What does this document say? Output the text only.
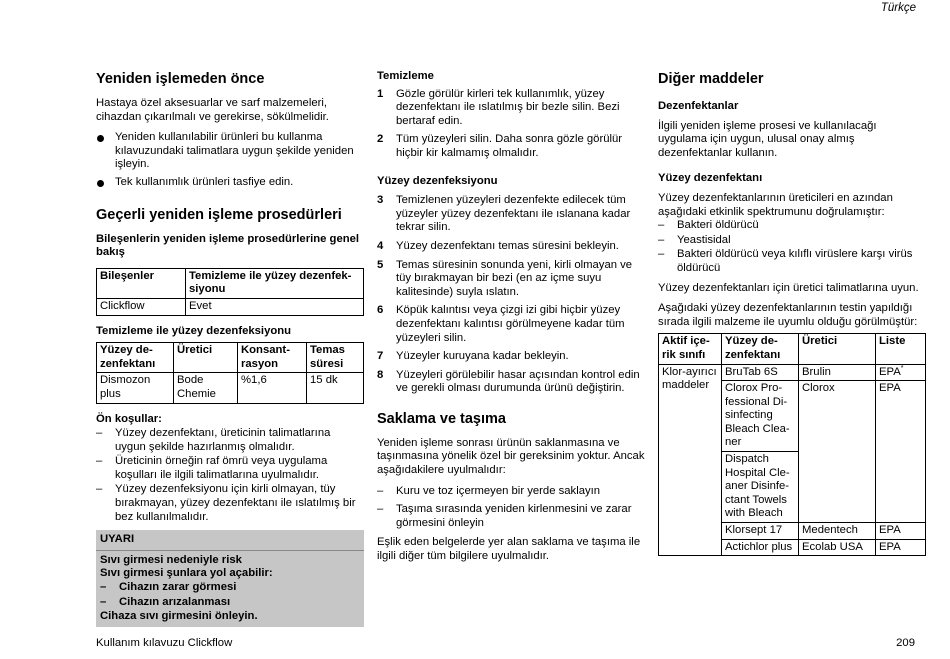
Türkçe
Yeniden işlemeden önce

Hastaya özel aksesuarlar ve sarf malzemeleri, cihazdan çıkarılmalı ve gerekirse, sökülmelidir.

Yeniden kullanılabilir ürünleri bu kullanma kılavuzundaki talimatlara uygun şekilde yeniden işleyin.
Tek kullanımlık ürünleri tasfiye edin.
Geçerli yeniden işleme prosedürleri
Bileşenlerin yeniden işleme prosedürlerine genel bakış
Bileşenler	Temizleme ile yüzey dezenfek-siyonu
Clickflow	Evet
Temizleme ile yüzey dezenfeksiyonu
Yüzey de-zenfektanı	Üretici	Konsant-rasyon	Temas süresi
Dismozon plus	Bode Chemie	%1,6	15 dk
Ön koşullar:
– Yüzey dezenfektanı, üreticinin talimatlarına uygun şekilde hazırlanmış olmalıdır.
– Üreticinin örneğin raf ömrü veya uygulama koşulları ile ilgili talimatlarına uyulmalıdır.
– Yüzey dezenfeksiyonu için kirli olmayan, tüy bırakmayan, yüzey dezenfektanı ile ıslatılmış bir bez kullanılmalıdır.
UYARI
Sıvı girmesi nedeniyle risk
Sıvı girmesi şunlara yol açabilir:
– Cihazın zarar görmesi
– Cihazın arızalanması
Cihaza sıvı girmesini önleyin.
Temizleme
1 Gözle görülür kirleri tek kullanımlık, yüzey dezenfektanı ile ıslatılmış bir bezle silin. Bezi bertaraf edin.
2 Tüm yüzeyleri silin. Daha sonra gözle görülür hiçbir kir kalmamış olmalıdır.
Yüzey dezenfeksiyonu
3 Temizlenen yüzeyleri dezenfekte edilecek tüm yüzeyler yüzey dezenfektanı ile ıslanana kadar tekrar silin.
4 Yüzey dezenfektanı temas süresini bekleyin.
5 Temas süresinin sonunda yeni, kirli olmayan ve tüy bırakmayan bir bezi (en az içme suyu kalitesinde) suyla ıslatın.
6 Köpük kalıntısı veya çizgi izi gibi hiçbir yüzey dezenfektanı kalıntısı görülmeyene kadar tüm yüzeyleri silin.
7 Yüzeyler kuruyana kadar bekleyin.
8 Yüzeyleri görülebilir hasar açısından kontrol edin ve gerekli olması durumunda ürünü değiştirin.
Saklama ve taşıma

Yeniden işleme sonrası ürünün saklanmasına ve taşınmasına yönelik özel bir gereksinim yoktur. Ancak aşağıdakilere uyulmalıdır:

– Kuru ve toz içermeyen bir yerde saklayın
– Taşıma sırasında yeniden kirlenmesini ve zarar görmesini önleyin

Eşlik eden belgelerde yer alan saklama ve taşıma ile ilgili diğer tüm bilgilere uyulmalıdır.

Diğer maddeler
Dezenfektanlar

İlgili yeniden işleme prosesi ve kullanılacağı uygulama için uygun, ulusal onay almış dezenfektanlar kullanın.

Yüzey dezenfektanı

Yüzey dezenfektanlarının üreticileri en azından aşağıdaki etkinlik spektrumunu doğrulamıştır:

– Bakteri öldürücü
– Yeastisidal
– Bakteri öldürücü veya kılıflı virüslere karşı virüs öldürücü

Yüzey dezenfektanları için üretici talimatlarına uyun.

Aşağıdaki yüzey dezenfektanlarının testin yapıldığı sırada ilgili malzeme ile uyumlu olduğu görülmüştür:

Aktif içe-rik sınıfı	Yüzey de-zenfektanı	Üretici	Liste
Klor-ayırıcı maddeler	BruTab 6S	Brulin	EPA*
	Clorox Pro-fessional Di-sinfecting Bleach Clea-ner	Clorox	EPA
	Dispatch Hospital Cle-aner Disinfe-ctant Towels with Bleach		
	Klorsept 17	Medentech	EPA
	Actichlor plus	Ecolab USA	EPA
Kullanım kılavuzu Clickflow	209
